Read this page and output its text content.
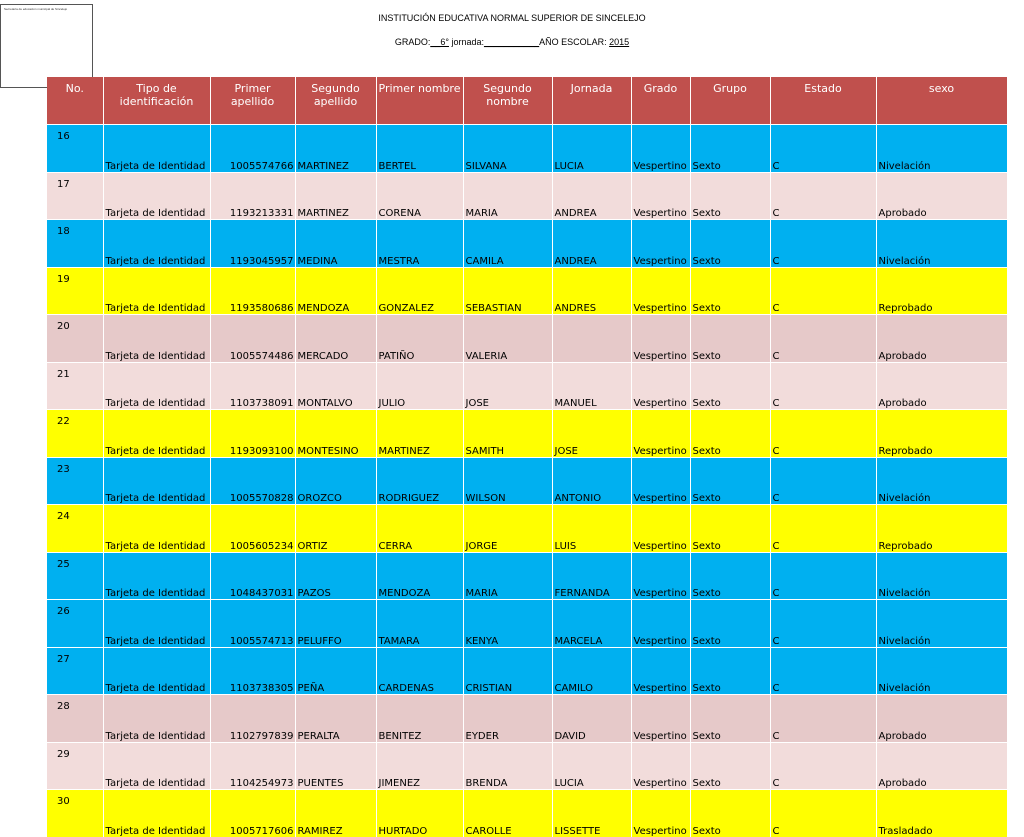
Secretaría de educación municipal de Sincelejo
INSTITUCIÓN EDUCATIVA NORMAL SUPERIOR DE SINCELEJO
GRADO:__6° jornada:___________AÑO ESCOLAR: 2015
No.	Tipo de identificación	Primer apellido	Segundo apellido	Primer nombre	Segundo nombre	Jornada	Grado	Grupo	Estado	sexo
16	Tarjeta de Identidad	1005574766	MARTINEZ	BERTEL	SILVANA	LUCIA	Vespertino	Sexto	C	Nivelación
17	Tarjeta de Identidad	1193213331	MARTINEZ	CORENA	MARIA	ANDREA	Vespertino	Sexto	C	Aprobado
18	Tarjeta de Identidad	1193045957	MEDINA	MESTRA	CAMILA	ANDREA	Vespertino	Sexto	C	Nivelación
19	Tarjeta de Identidad	1193580686	MENDOZA	GONZALEZ	SEBASTIAN	ANDRES	Vespertino	Sexto	C	Reprobado
20	Tarjeta de Identidad	1005574486	MERCADO	PATIÑO	VALERIA		Vespertino	Sexto	C	Aprobado
21	Tarjeta de Identidad	1103738091	MONTALVO	JULIO	JOSE	MANUEL	Vespertino	Sexto	C	Aprobado
22	Tarjeta de Identidad	1193093100	MONTESINO	MARTINEZ	SAMITH	JOSE	Vespertino	Sexto	C	Reprobado
23	Tarjeta de Identidad	1005570828	OROZCO	RODRIGUEZ	WILSON	ANTONIO	Vespertino	Sexto	C	Nivelación
24	Tarjeta de Identidad	1005605234	ORTIZ	CERRA	JORGE	LUIS	Vespertino	Sexto	C	Reprobado
25	Tarjeta de Identidad	1048437031	PAZOS	MENDOZA	MARIA	FERNANDA	Vespertino	Sexto	C	Nivelación
26	Tarjeta de Identidad	1005574713	PELUFFO	TAMARA	KENYA	MARCELA	Vespertino	Sexto	C	Nivelación
27	Tarjeta de Identidad	1103738305	PEÑA	CARDENAS	CRISTIAN	CAMILO	Vespertino	Sexto	C	Nivelación
28	Tarjeta de Identidad	1102797839	PERALTA	BENITEZ	EYDER	DAVID	Vespertino	Sexto	C	Aprobado
29	Tarjeta de Identidad	1104254973	PUENTES	JIMENEZ	BRENDA	LUCIA	Vespertino	Sexto	C	Aprobado
30	Tarjeta de Identidad	1005717606	RAMIREZ	HURTADO	CAROLLE	LISSETTE	Vespertino	Sexto	C	Trasladado
